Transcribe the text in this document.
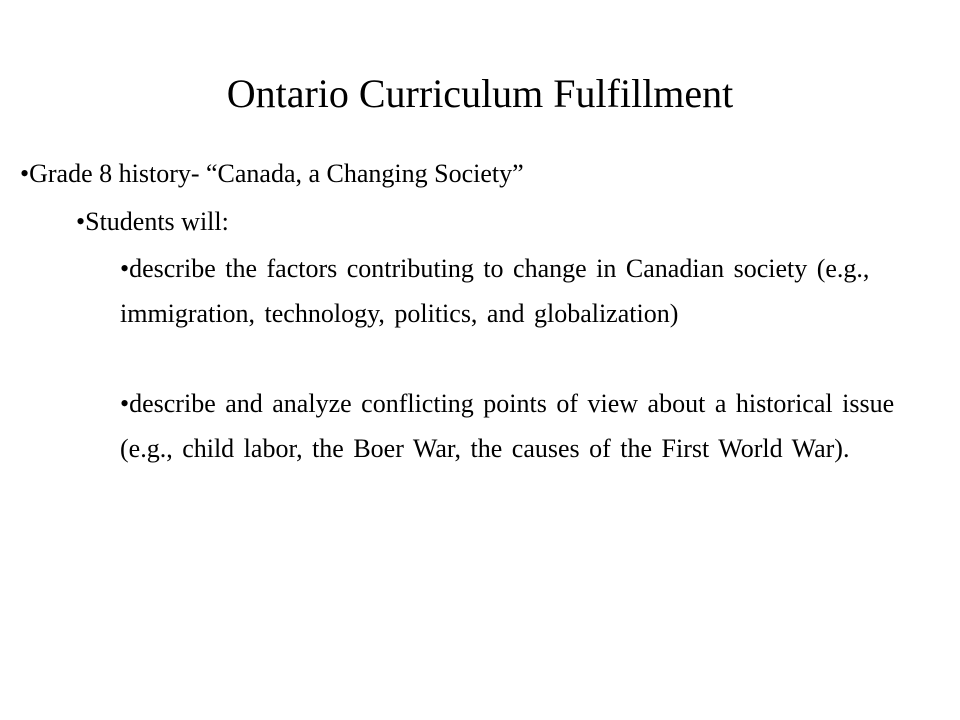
Ontario Curriculum Fulfillment
•Grade 8 history- “Canada, a Changing Society”
•Students will:
•describe the factors contributing to change in Canadian society (e.g., immigration, technology, politics, and globalization)
•describe and analyze conflicting points of view about a historical issue (e.g., child labor, the Boer War, the causes of the First World War).
